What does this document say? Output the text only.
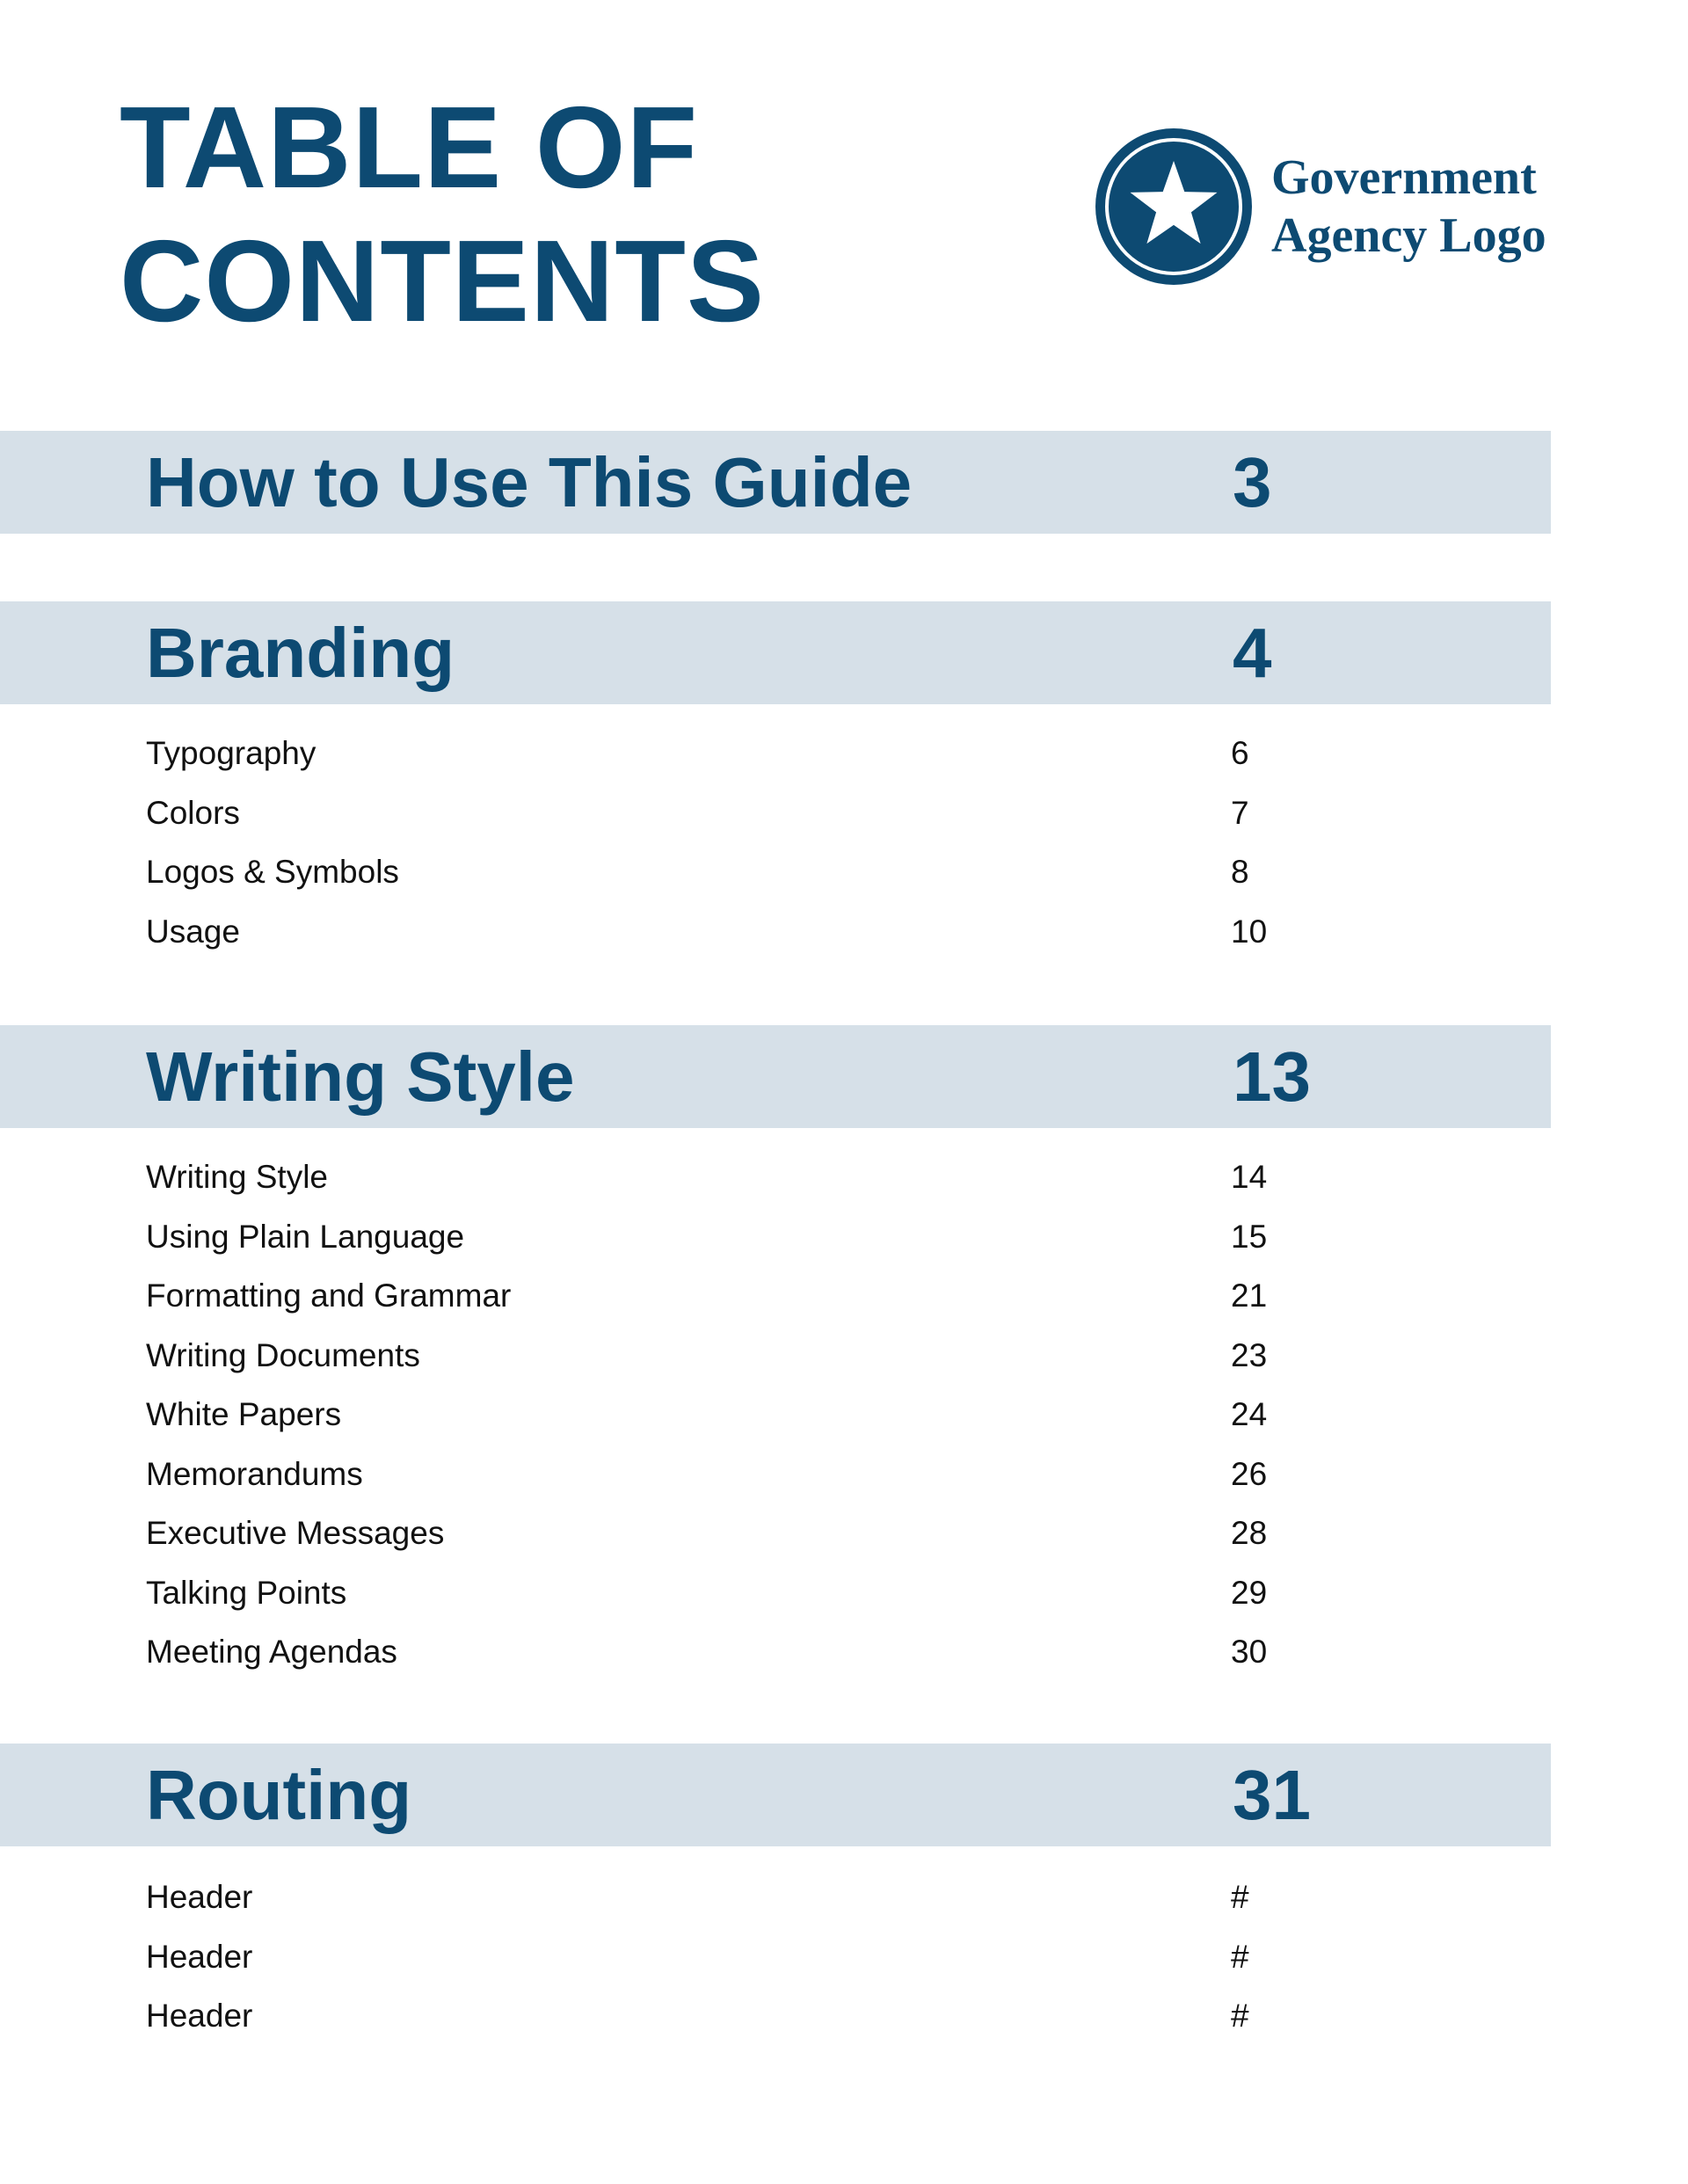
TABLE OF
CONTENTS
Government
Agency Logo
How to Use This Guide	3
Branding	4
Typography	6
Colors	7
Logos & Symbols	8
Usage	10
Writing Style	13
Writing Style	14
Using Plain Language	15
Formatting and Grammar	21
Writing Documents	23
White Papers	24
Memorandums	26
Executive Messages	28
Talking Points	29
Meeting Agendas	30
Routing	31
Header	#
Header	#
Header	#
